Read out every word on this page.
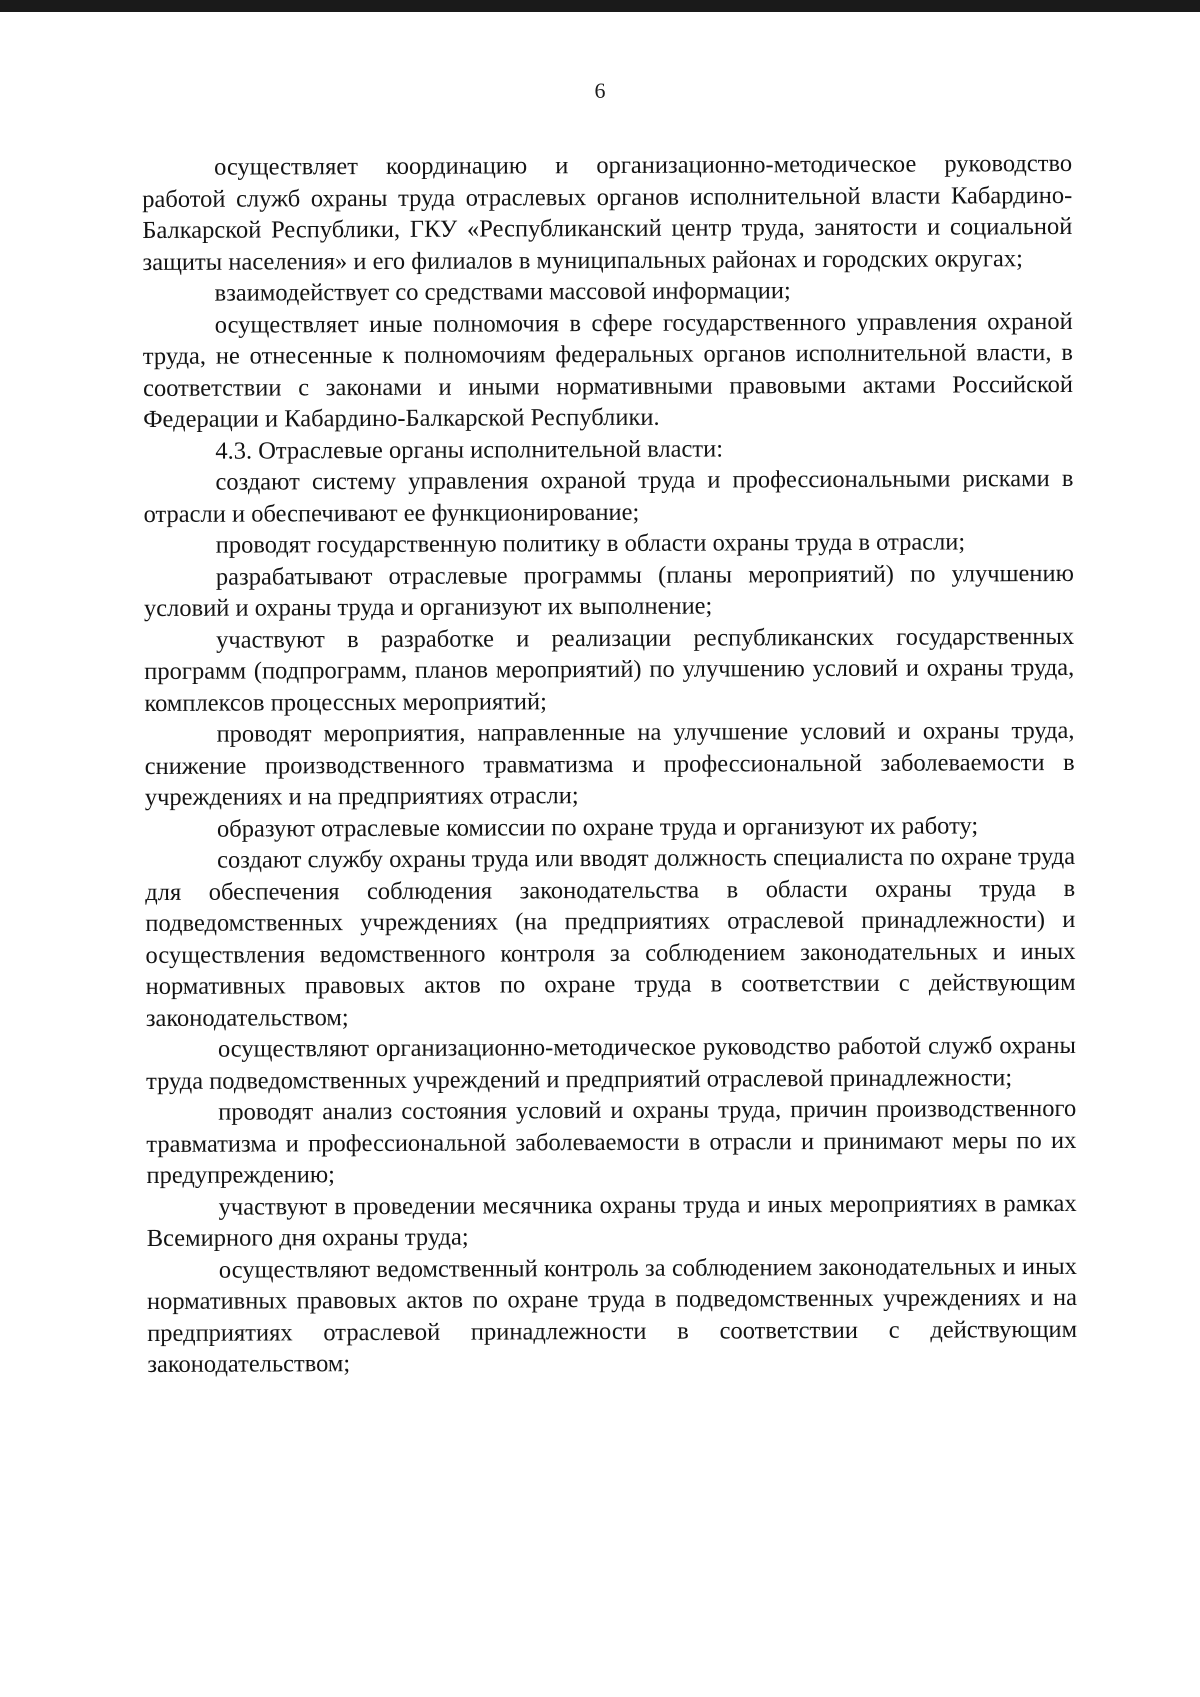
6

осуществляет координацию и организационно-методическое руководство работой служб охраны труда отраслевых органов исполнительной власти Кабардино-Балкарской Республики, ГКУ «Республиканский центр труда, занятости и социальной защиты населения» и его филиалов в муниципальных районах и городских округах;

взаимодействует со средствами массовой информации;

осуществляет иные полномочия в сфере государственного управления охраной труда, не отнесенные к полномочиям федеральных органов исполнительной власти, в соответствии с законами и иными нормативными правовыми актами Российской Федерации и Кабардино-Балкарской Республики.

4.3. Отраслевые органы исполнительной власти:

создают систему управления охраной труда и профессиональными рисками в отрасли и обеспечивают ее функционирование;

проводят государственную политику в области охраны труда в отрасли;

разрабатывают отраслевые программы (планы мероприятий) по улучшению условий и охраны труда и организуют их выполнение;

участвуют в разработке и реализации республиканских государственных программ (подпрограмм, планов мероприятий) по улучшению условий и охраны труда, комплексов процессных мероприятий;

проводят мероприятия, направленные на улучшение условий и охраны труда, снижение производственного травматизма и профессиональной заболеваемости в учреждениях и на предприятиях отрасли;

образуют отраслевые комиссии по охране труда и организуют их работу;

создают службу охраны труда или вводят должность специалиста по охране труда для обеспечения соблюдения законодательства в области охраны труда в подведомственных учреждениях (на предприятиях отраслевой принадлежности) и осуществления ведомственного контроля за соблюдением законодательных и иных нормативных правовых актов по охране труда в соответствии с действующим законодательством;

осуществляют организационно-методическое руководство работой служб охраны труда подведомственных учреждений и предприятий отраслевой принадлежности;

проводят анализ состояния условий и охраны труда, причин производственного травматизма и профессиональной заболеваемости в отрасли и принимают меры по их предупреждению;

участвуют в проведении месячника охраны труда и иных мероприятиях в рамках Всемирного дня охраны труда;

осуществляют ведомственный контроль за соблюдением законодательных и иных нормативных правовых актов по охране труда в подведомственных учреждениях и на предприятиях отраслевой принадлежности в соответствии с действующим законодательством;
